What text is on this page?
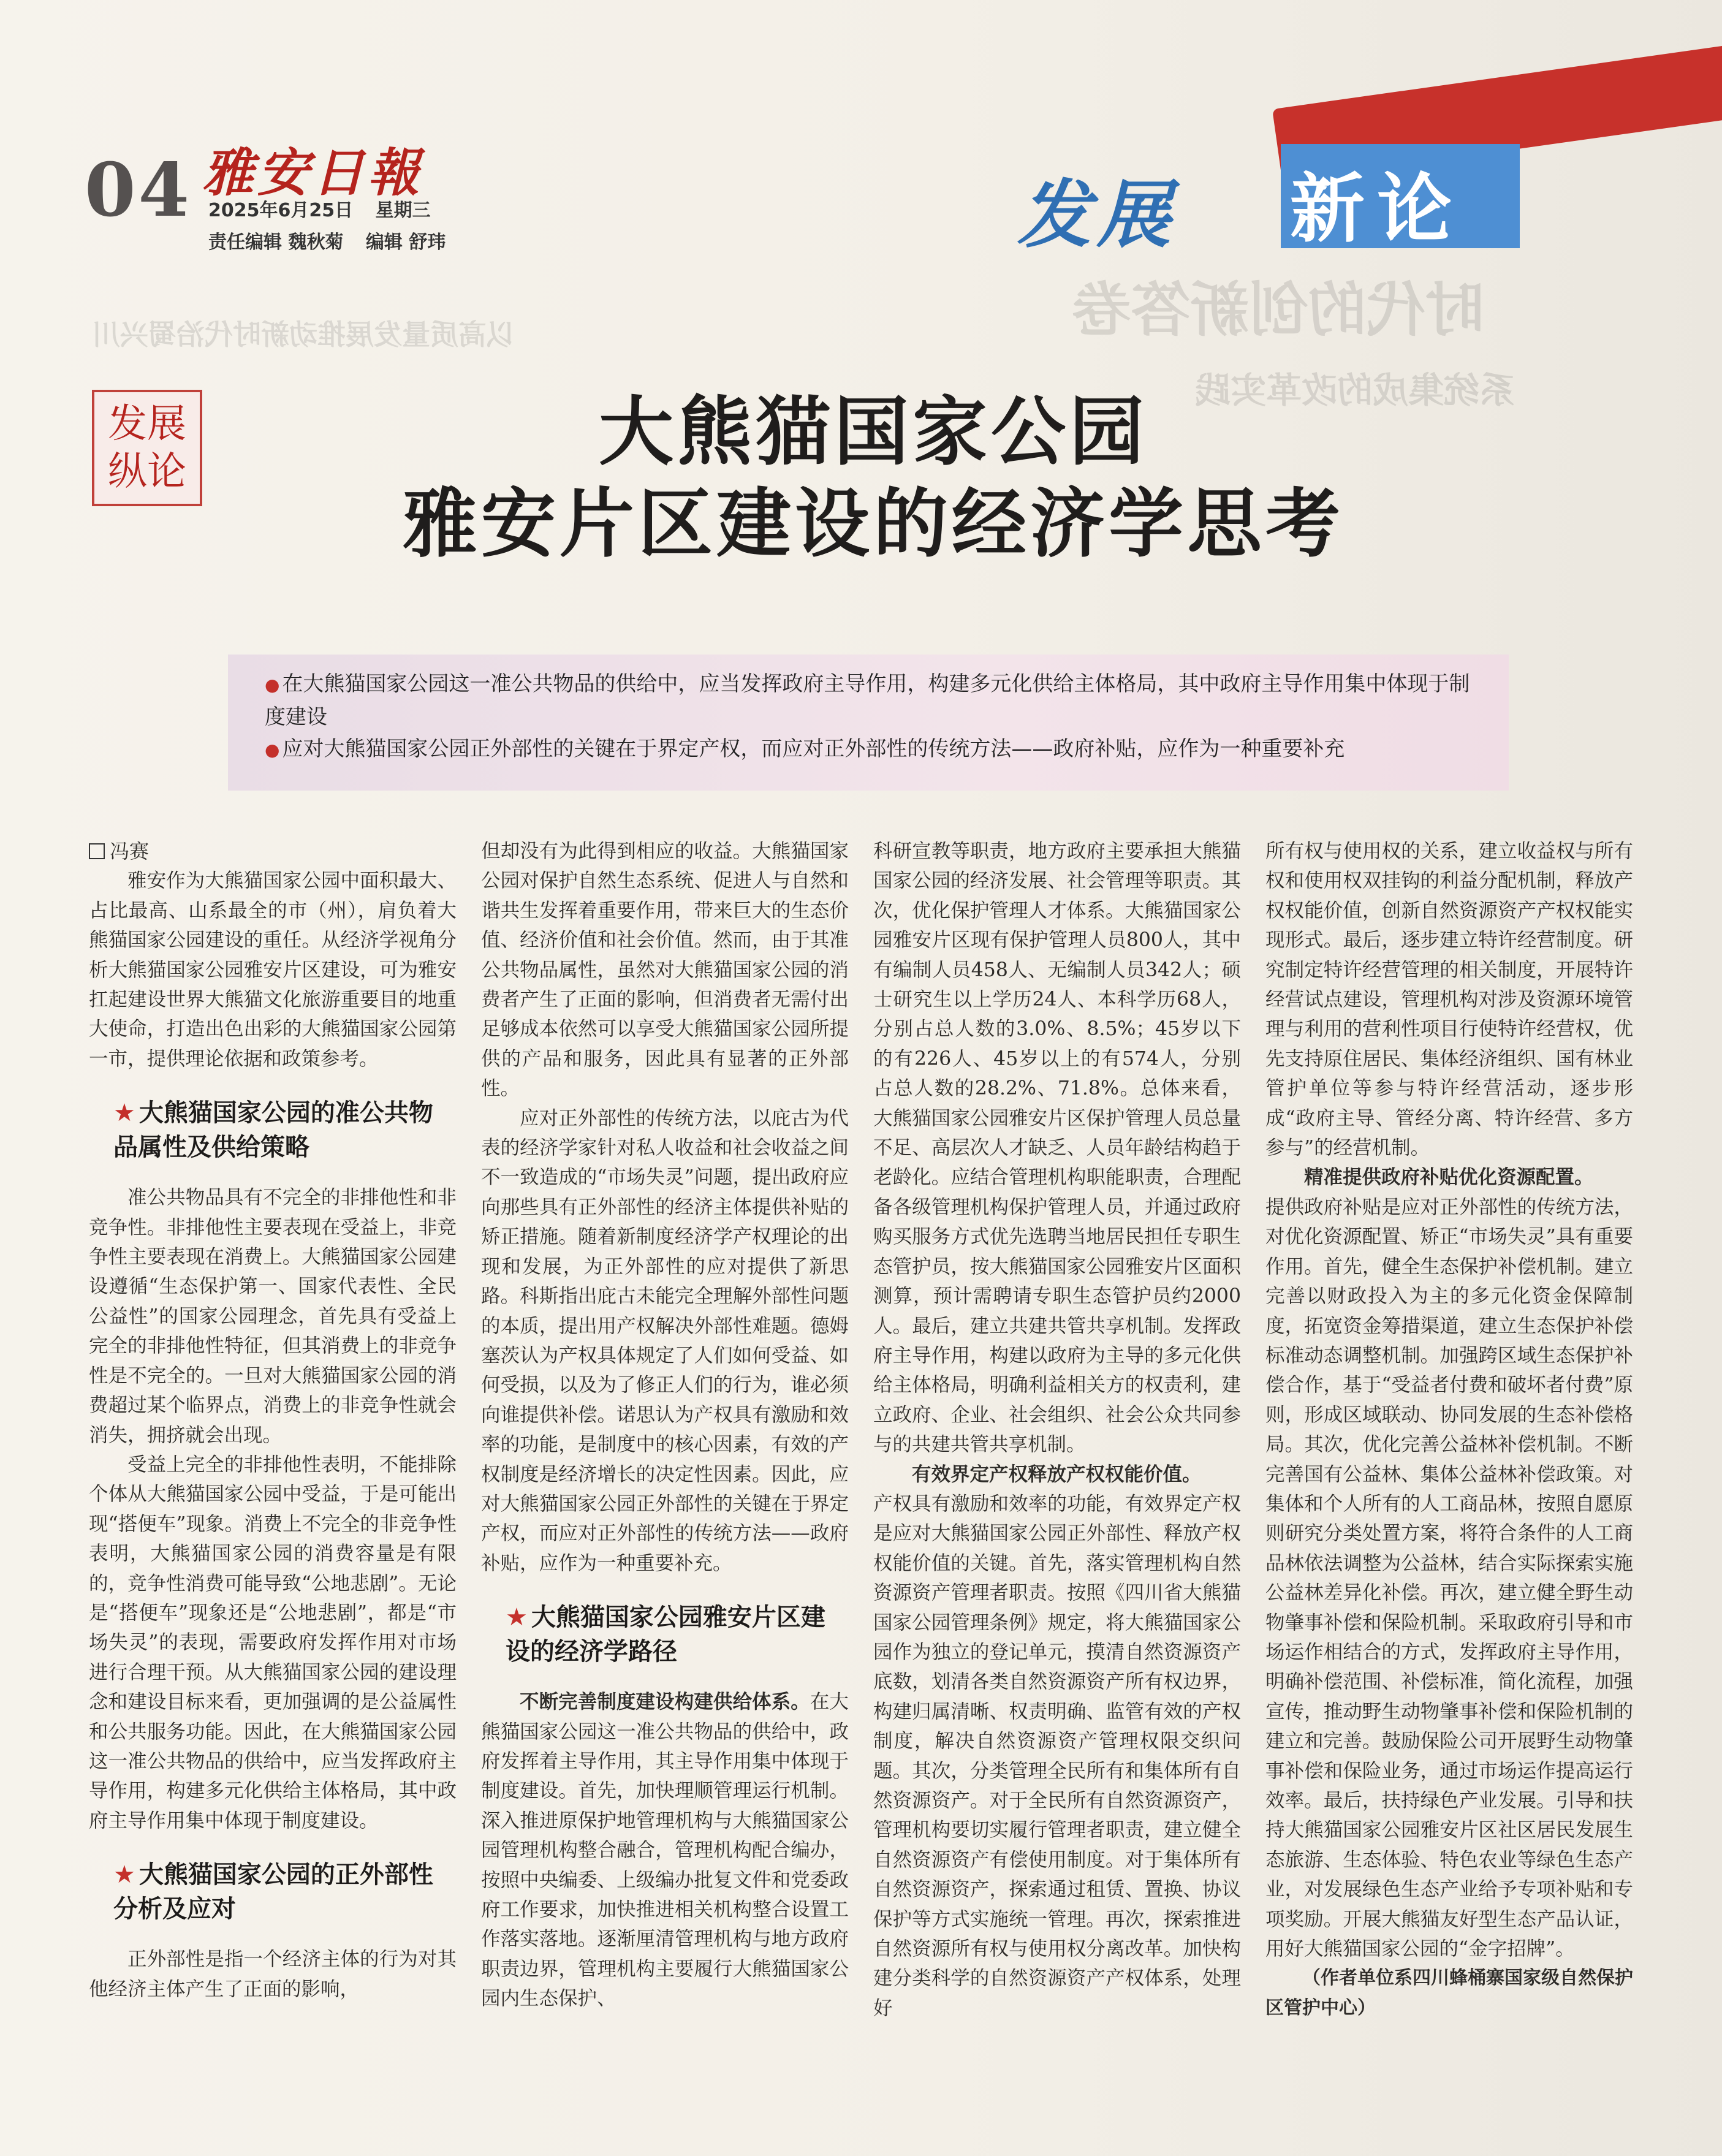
时代的创新答卷
以高质量发展推动新时代治蜀兴川
系统集成的改革实践
04 雅安日報
2025年6月25日 星期三
责任编辑 魏秋菊 编辑 舒玮	发展 新论
发展纵论	大熊猫国家公园
雅安片区建设的经济学思考

● 在大熊猫国家公园这一准公共物品的供给中，应当发挥政府主导作用，构建多元化供给主体格局，其中政府主导作用集中体现于制度建设

● 应对大熊猫国家公园正外部性的关键在于界定产权，而应对正外部性的传统方法——政府补贴，应作为一种重要补充

冯赛

雅安作为大熊猫国家公园中面积最大、占比最高、山系最全的市（州），肩负着大熊猫国家公园建设的重任。从经济学视角分析大熊猫国家公园雅安片区建设，可为雅安扛起建设世界大熊猫文化旅游重要目的地重大使命，打造出色出彩的大熊猫国家公园第一市，提供理论依据和政策参考。

★ 大熊猫国家公园的准公共物品属性及供给策略

准公共物品具有不完全的非排他性和非竞争性。非排他性主要表现在受益上，非竞争性主要表现在消费上。大熊猫国家公园建设遵循“生态保护第一、国家代表性、全民公益性”的国家公园理念，首先具有受益上完全的非排他性特征，但其消费上的非竞争性是不完全的。一旦对大熊猫国家公园的消费超过某个临界点，消费上的非竞争性就会消失，拥挤就会出现。

受益上完全的非排他性表明，不能排除个体从大熊猫国家公园中受益，于是可能出现“搭便车”现象。消费上不完全的非竞争性表明，大熊猫国家公园的消费容量是有限的，竞争性消费可能导致“公地悲剧”。无论是“搭便车”现象还是“公地悲剧”，都是“市场失灵”的表现，需要政府发挥作用对市场进行合理干预。从大熊猫国家公园的建设理念和建设目标来看，更加强调的是公益属性和公共服务功能。因此，在大熊猫国家公园这一准公共物品的供给中，应当发挥政府主导作用，构建多元化供给主体格局，其中政府主导作用集中体现于制度建设。

★ 大熊猫国家公园的正外部性分析及应对

正外部性是指一个经济主体的行为对其他经济主体产生了正面的影响，

但却没有为此得到相应的收益。大熊猫国家公园对保护自然生态系统、促进人与自然和谐共生发挥着重要作用，带来巨大的生态价值、经济价值和社会价值。然而，由于其准公共物品属性，虽然对大熊猫国家公园的消费者产生了正面的影响，但消费者无需付出足够成本依然可以享受大熊猫国家公园所提供的产品和服务，因此具有显著的正外部性。

应对正外部性的传统方法，以庇古为代表的经济学家针对私人收益和社会收益之间不一致造成的“市场失灵”问题，提出政府应向那些具有正外部性的经济主体提供补贴的矫正措施。随着新制度经济学产权理论的出现和发展，为正外部性的应对提供了新思路。科斯指出庇古未能完全理解外部性问题的本质，提出用产权解决外部性难题。德姆塞茨认为产权具体规定了人们如何受益、如何受损，以及为了修正人们的行为，谁必须向谁提供补偿。诺思认为产权具有激励和效率的功能，是制度中的核心因素，有效的产权制度是经济增长的决定性因素。因此，应对大熊猫国家公园正外部性的关键在于界定产权，而应对正外部性的传统方法——政府补贴，应作为一种重要补充。

★ 大熊猫国家公园雅安片区建设的经济学路径

不断完善制度建设构建供给体系。在大熊猫国家公园这一准公共物品的供给中，政府发挥着主导作用，其主导作用集中体现于制度建设。首先，加快理顺管理运行机制。深入推进原保护地管理机构与大熊猫国家公园管理机构整合融合，管理机构配合编办，按照中央编委、上级编办批复文件和党委政府工作要求，加快推进相关机构整合设置工作落实落地。逐渐厘清管理机构与地方政府职责边界，管理机构主要履行大熊猫国家公园内生态保护、

科研宣教等职责，地方政府主要承担大熊猫国家公园的经济发展、社会管理等职责。其次，优化保护管理人才体系。大熊猫国家公园雅安片区现有保护管理人员800人，其中有编制人员458人、无编制人员342人；硕士研究生以上学历24人、本科学历68人，分别占总人数的3.0%、8.5%；45岁以下的有226人、45岁以上的有574人，分别占总人数的28.2%、71.8%。总体来看，大熊猫国家公园雅安片区保护管理人员总量不足、高层次人才缺乏、人员年龄结构趋于老龄化。应结合管理机构职能职责，合理配备各级管理机构保护管理人员，并通过政府购买服务方式优先选聘当地居民担任专职生态管护员，按大熊猫国家公园雅安片区面积测算，预计需聘请专职生态管护员约2000人。最后，建立共建共管共享机制。发挥政府主导作用，构建以政府为主导的多元化供给主体格局，明确利益相关方的权责利，建立政府、企业、社会组织、社会公众共同参与的共建共管共享机制。

有效界定产权释放产权权能价值。

产权具有激励和效率的功能，有效界定产权是应对大熊猫国家公园正外部性、释放产权权能价值的关键。首先，落实管理机构自然资源资产管理者职责。按照《四川省大熊猫国家公园管理条例》规定，将大熊猫国家公园作为独立的登记单元，摸清自然资源资产底数，划清各类自然资源资产所有权边界，构建归属清晰、权责明确、监管有效的产权制度，解决自然资源资产管理权限交织问题。其次，分类管理全民所有和集体所有自然资源资产。对于全民所有自然资源资产，管理机构要切实履行管理者职责，建立健全自然资源资产有偿使用制度。对于集体所有自然资源资产，探索通过租赁、置换、协议保护等方式实施统一管理。再次，探索推进自然资源所有权与使用权分离改革。加快构建分类科学的自然资源资产产权体系，处理好

所有权与使用权的关系，建立收益权与所有权和使用权双挂钩的利益分配机制，释放产权权能价值，创新自然资源资产产权权能实现形式。最后，逐步建立特许经营制度。研究制定特许经营管理的相关制度，开展特许经营试点建设，管理机构对涉及资源环境管理与利用的营利性项目行使特许经营权，优先支持原住居民、集体经济组织、国有林业管护单位等参与特许经营活动，逐步形成“政府主导、管经分离、特许经营、多方参与”的经营机制。

精准提供政府补贴优化资源配置。

提供政府补贴是应对正外部性的传统方法，对优化资源配置、矫正“市场失灵”具有重要作用。首先，健全生态保护补偿机制。建立完善以财政投入为主的多元化资金保障制度，拓宽资金筹措渠道，建立生态保护补偿标准动态调整机制。加强跨区域生态保护补偿合作，基于“受益者付费和破坏者付费”原则，形成区域联动、协同发展的生态补偿格局。其次，优化完善公益林补偿机制。不断完善国有公益林、集体公益林补偿政策。对集体和个人所有的人工商品林，按照自愿原则研究分类处置方案，将符合条件的人工商品林依法调整为公益林，结合实际探索实施公益林差异化补偿。再次，建立健全野生动物肇事补偿和保险机制。采取政府引导和市场运作相结合的方式，发挥政府主导作用，明确补偿范围、补偿标准，简化流程，加强宣传，推动野生动物肇事补偿和保险机制的建立和完善。鼓励保险公司开展野生动物肇事补偿和保险业务，通过市场运作提高运行效率。最后，扶持绿色产业发展。引导和扶持大熊猫国家公园雅安片区社区居民发展生态旅游、生态体验、特色农业等绿色生态产业，对发展绿色生态产业给予专项补贴和专项奖励。开展大熊猫友好型生态产品认证，用好大熊猫国家公园的“金字招牌”。

（作者单位系四川蜂桶寨国家级自然保护区管护中心）
